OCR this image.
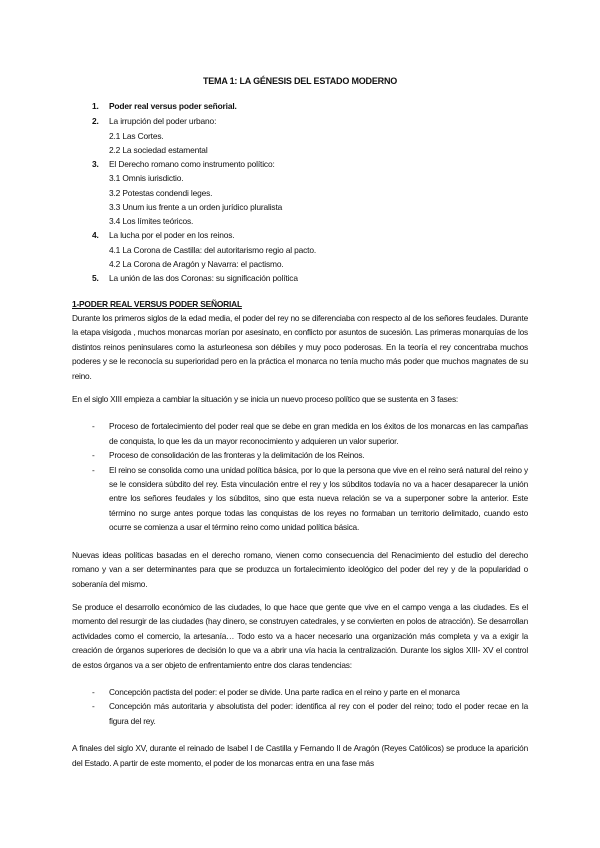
TEMA 1: LA GÉNESIS DEL ESTADO MODERNO
1. Poder real versus poder señorial.
2. La irrupción del poder urbano:
2.1 Las Cortes.
2.2 La sociedad estamental
3. El Derecho romano como instrumento político:
3.1 Omnis iurisdictio.
3.2 Potestas condendi leges.
3.3 Unum ius frente a un orden jurídico pluralista
3.4 Los límites teóricos.
4. La lucha por el poder en los reinos.
4.1 La Corona de Castilla: del autoritarismo regio al pacto.
4.2 La Corona de Aragón y Navarra: el pactismo.
5. La unión de las dos Coronas: su significación política
1-PODER REAL VERSUS PODER SEÑORIAL

Durante los primeros siglos de la edad media, el poder del rey no se diferenciaba con respecto al de los señores feudales. Durante la etapa visigoda , muchos monarcas morían por asesinato, en conflicto por asuntos de sucesión. Las primeras monarquías de los distintos reinos peninsulares como la asturleonesa son débiles y muy poco poderosas. En la teoría el rey concentraba muchos poderes y se le reconocía su superioridad pero en la práctica el monarca no tenía mucho más poder que muchos magnates de su reino.

En el siglo XIII empieza a cambiar la situación y se inicia un nuevo proceso político que se sustenta en 3 fases:

-	Proceso de fortalecimiento del poder real que se debe en gran medida en los éxitos de los monarcas en las campañas de conquista, lo que les da un mayor reconocimiento y adquieren un valor superior.
-	Proceso de consolidación de las fronteras y la delimitación de los Reinos.
-	El reino se consolida como una unidad política básica, por lo que la persona que vive en el reino será natural del reino y se le considera súbdito del rey. Esta vinculación entre el rey y los súbditos todavía no va a hacer desaparecer la unión entre los señores feudales y los súbditos, sino que esta nueva relación se va a superponer sobre la anterior. Este término no surge antes porque todas las conquistas de los reyes no formaban un territorio delimitado, cuando esto ocurre se comienza a usar el término reino como unidad política básica.

Nuevas ideas políticas basadas en el derecho romano, vienen como consecuencia del Renacimiento del estudio del derecho romano y van a ser determinantes para que se produzca un fortalecimiento ideológico del poder del rey y de la popularidad o soberanía del mismo.

Se produce el desarrollo económico de las ciudades, lo que hace que gente que vive en el campo venga a las ciudades. Es el momento del resurgir de las ciudades (hay dinero, se construyen catedrales, y se convierten en polos de atracción). Se desarrollan actividades como el comercio, la artesanía… Todo esto va a hacer necesario una organización más completa y va a exigir la creación de órganos superiores de decisión lo que va a abrir una vía hacia la centralización. Durante los siglos XIII- XV el control de estos órganos va a ser objeto de enfrentamiento entre dos claras tendencias:

-	Concepción pactista del poder: el poder se divide. Una parte radica en el reino y parte en el monarca
-	Concepción más autoritaria y absolutista del poder: identifica al rey con el poder del reino; todo el poder recae en la figura del rey.

A finales del siglo XV, durante el reinado de Isabel I de Castilla y Fernando II de Aragón (Reyes Católicos) se produce la aparición del Estado. A partir de este momento, el poder de los monarcas entra en una fase más
